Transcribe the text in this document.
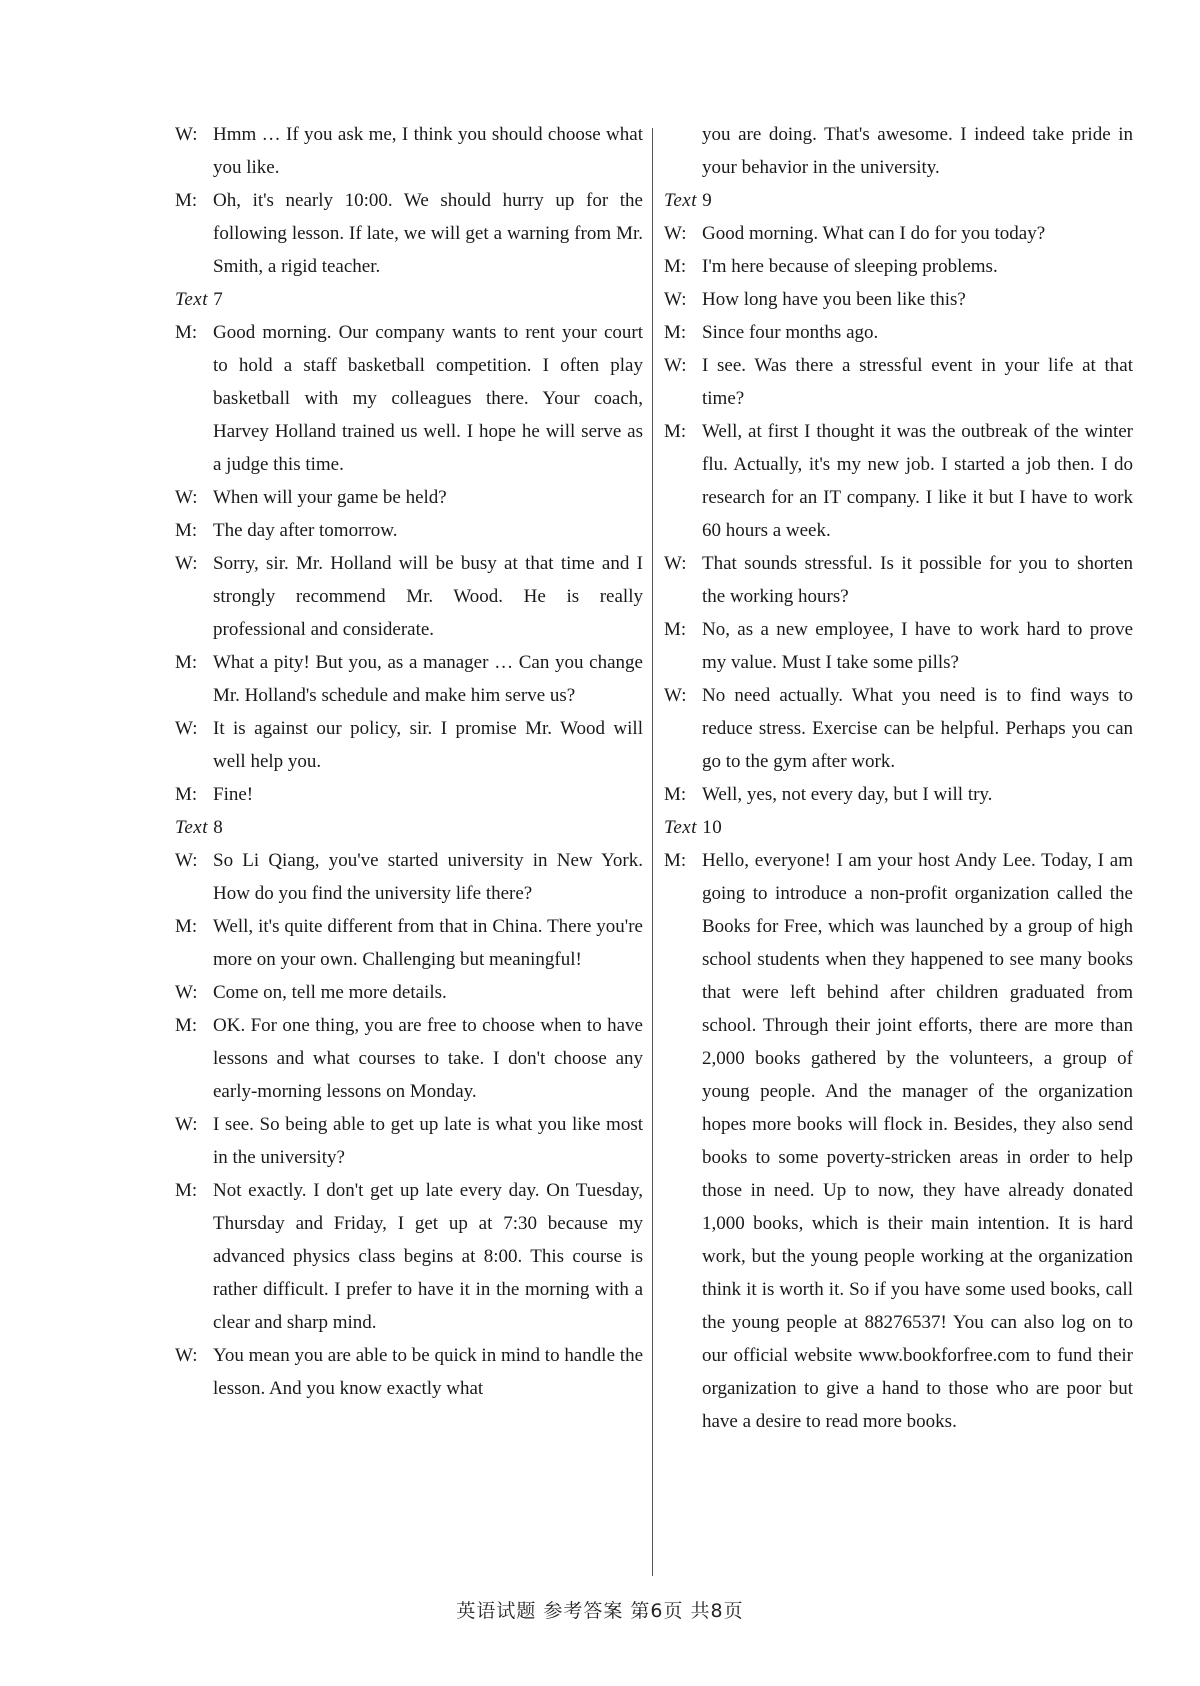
W: Hmm … If you ask me, I think you should choose what you like.
M: Oh, it's nearly 10:00. We should hurry up for the following lesson. If late, we will get a warning from Mr. Smith, a rigid teacher.
Text 7
M: Good morning. Our company wants to rent your court to hold a staff basketball competition. I often play basketball with my colleagues there. Your coach, Harvey Holland trained us well. I hope he will serve as a judge this time.
W: When will your game be held?
M: The day after tomorrow.
W: Sorry, sir. Mr. Holland will be busy at that time and I strongly recommend Mr. Wood. He is really professional and considerate.
M: What a pity! But you, as a manager … Can you change Mr. Holland's schedule and make him serve us?
W: It is against our policy, sir. I promise Mr. Wood will well help you.
M: Fine!
Text 8
W: So Li Qiang, you've started university in New York. How do you find the university life there?
M: Well, it's quite different from that in China. There you're more on your own. Challenging but meaningful!
W: Come on, tell me more details.
M: OK. For one thing, you are free to choose when to have lessons and what courses to take. I don't choose any early-morning lessons on Monday.
W: I see. So being able to get up late is what you like most in the university?
M: Not exactly. I don't get up late every day. On Tuesday, Thursday and Friday, I get up at 7:30 because my advanced physics class begins at 8:00. This course is rather difficult. I prefer to have it in the morning with a clear and sharp mind.
W: You mean you are able to be quick in mind to handle the lesson. And you know exactly what
you are doing. That's awesome. I indeed take pride in your behavior in the university.
Text 9
W: Good morning. What can I do for you today?
M: I'm here because of sleeping problems.
W: How long have you been like this?
M: Since four months ago.
W: I see. Was there a stressful event in your life at that time?
M: Well, at first I thought it was the outbreak of the winter flu. Actually, it's my new job. I started a job then. I do research for an IT company. I like it but I have to work 60 hours a week.
W: That sounds stressful. Is it possible for you to shorten the working hours?
M: No, as a new employee, I have to work hard to prove my value. Must I take some pills?
W: No need actually. What you need is to find ways to reduce stress. Exercise can be helpful. Perhaps you can go to the gym after work.
M: Well, yes, not every day, but I will try.
Text 10
M: Hello, everyone! I am your host Andy Lee. Today, I am going to introduce a non-profit organization called the Books for Free, which was launched by a group of high school students when they happened to see many books that were left behind after children graduated from school. Through their joint efforts, there are more than 2,000 books gathered by the volunteers, a group of young people. And the manager of the organization hopes more books will flock in. Besides, they also send books to some poverty-stricken areas in order to help those in need. Up to now, they have already donated 1,000 books, which is their main intention. It is hard work, but the young people working at the organization think it is worth it. So if you have some used books, call the young people at 88276537! You can also log on to our official website www.bookforfree.com to fund their organization to give a hand to those who are poor but have a desire to read more books.
英语试题 参考答案 第6页 共8页
